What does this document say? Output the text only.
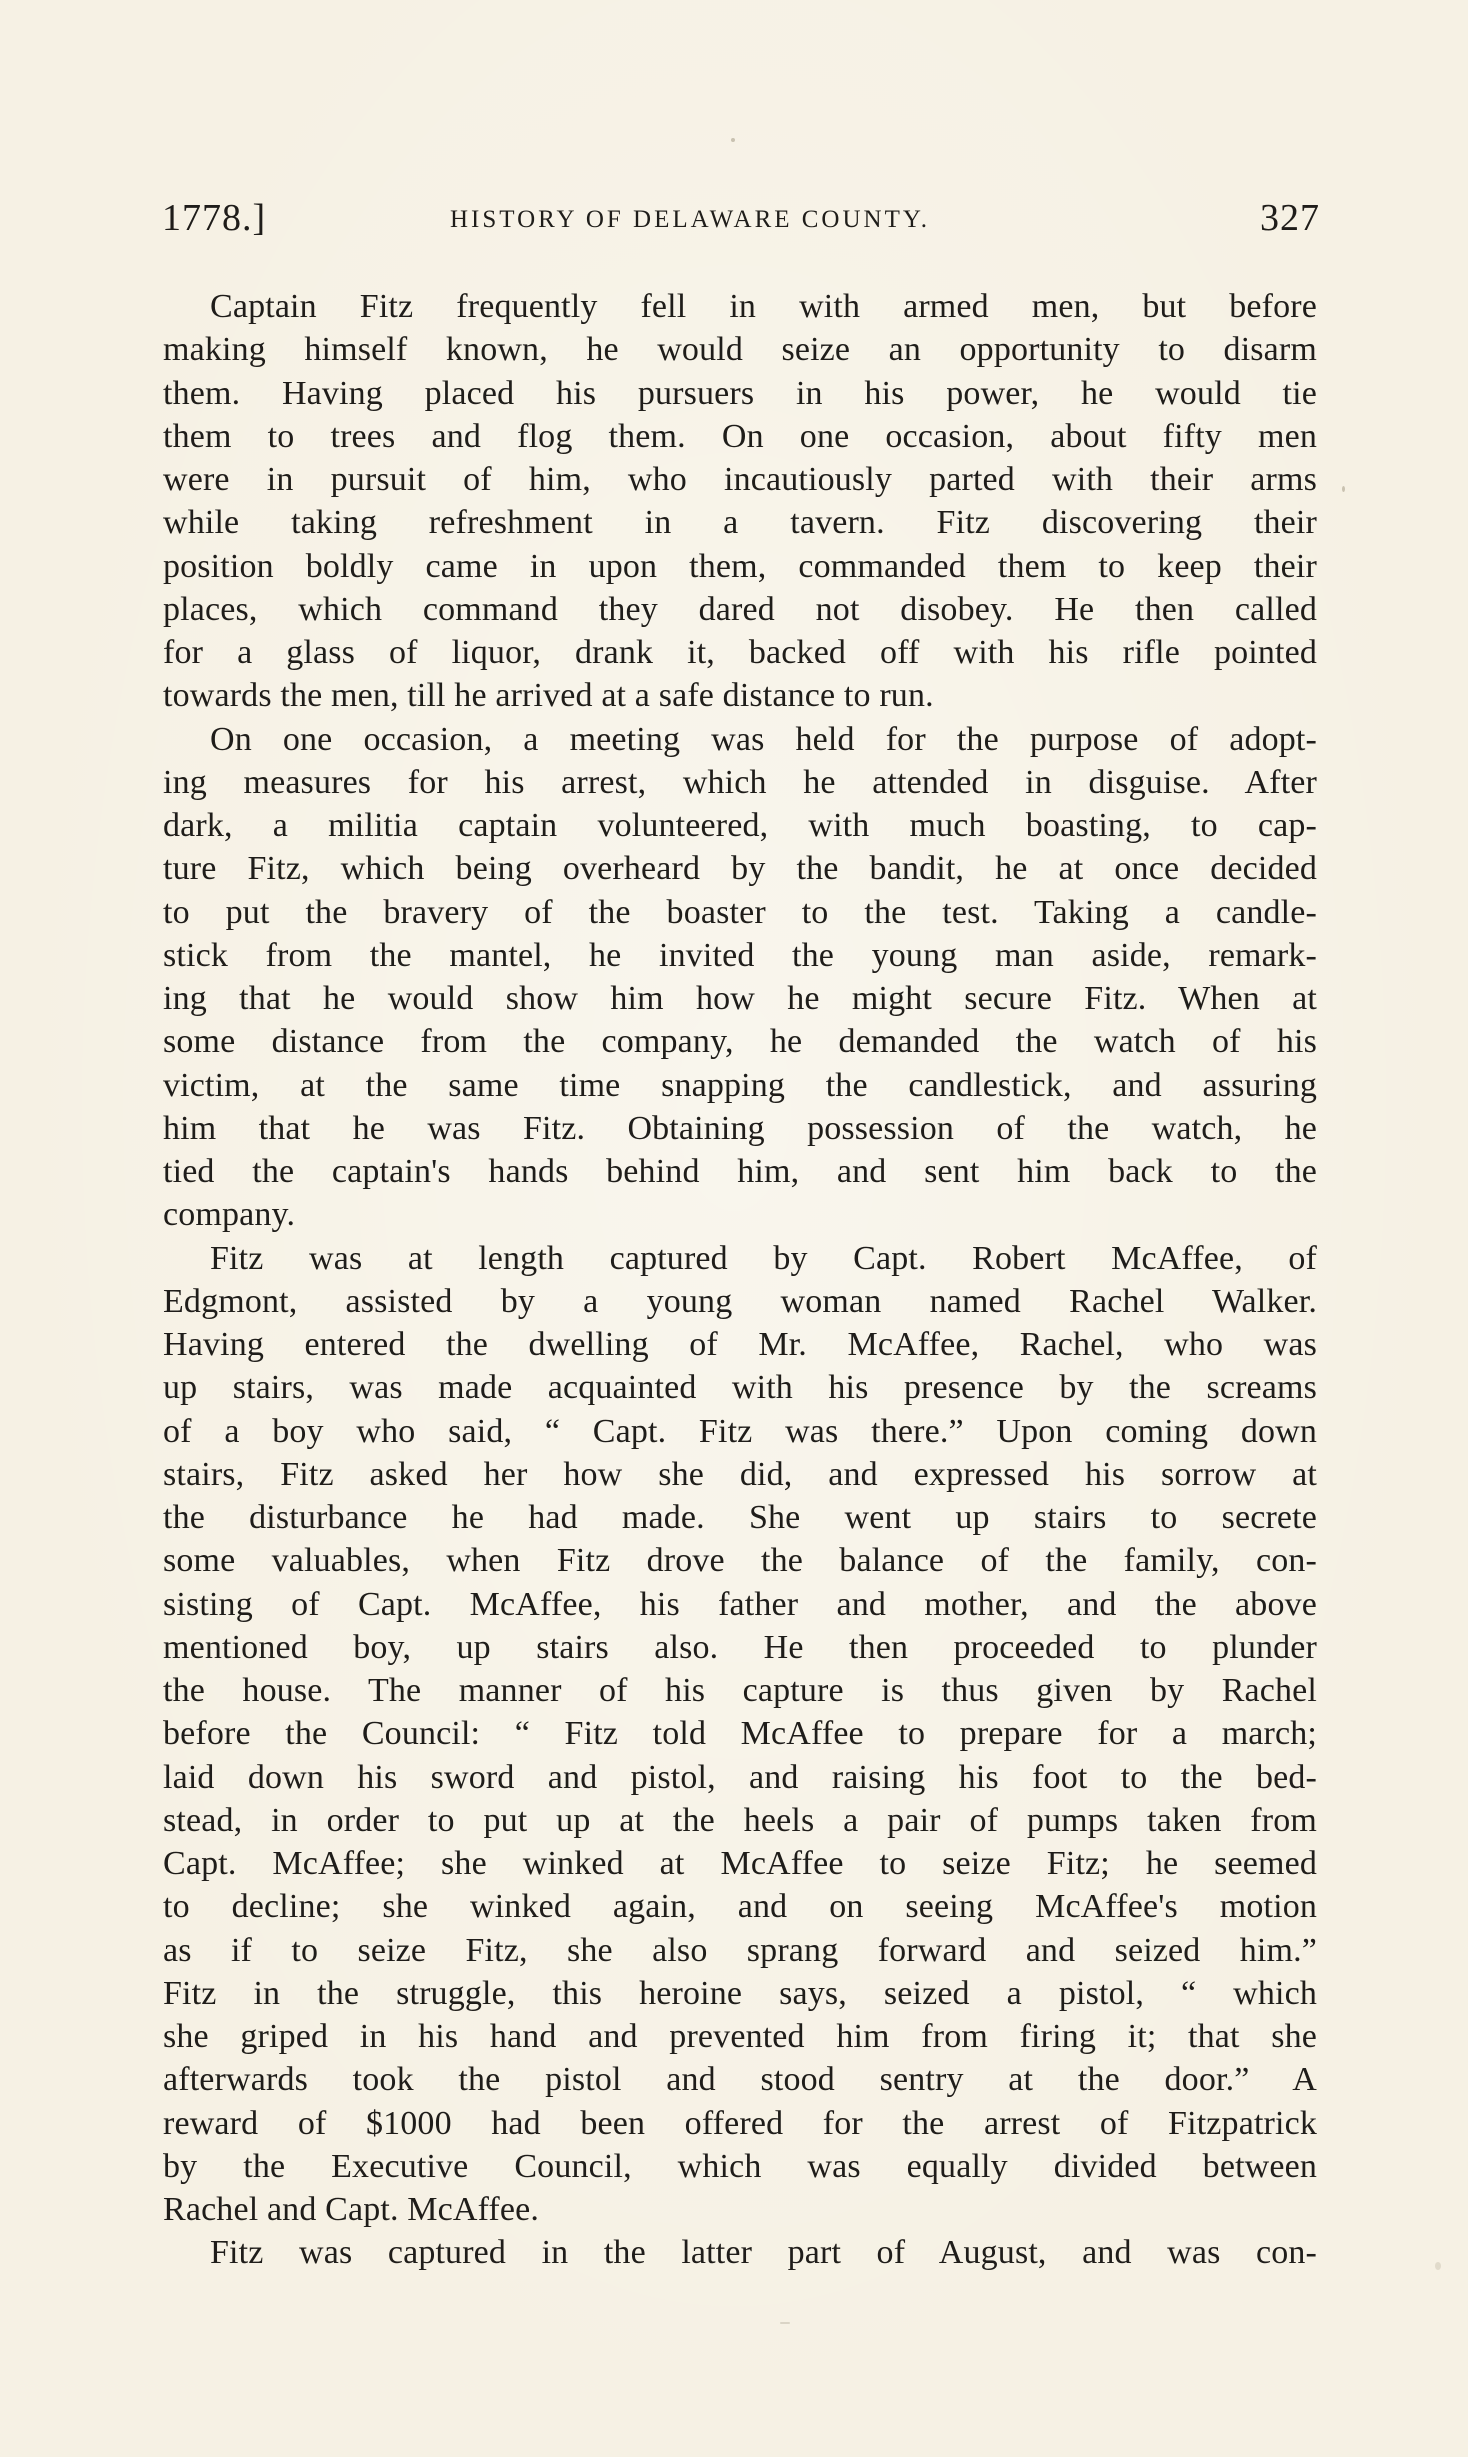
1778.]	HISTORY OF DELAWARE COUNTY.	327
Captain Fitz frequently fell in with armed men, but before
making himself known, he would seize an opportunity to disarm
them. Having placed his pursuers in his power, he would tie
them to trees and flog them. On one occasion, about fifty men
were in pursuit of him, who incautiously parted with their arms
while taking refreshment in a tavern. Fitz discovering their
position boldly came in upon them, commanded them to keep their
places, which command they dared not disobey. He then called
for a glass of liquor, drank it, backed off with his rifle pointed
towards the men, till he arrived at a safe distance to run.
On one occasion, a meeting was held for the purpose of adopt-
ing measures for his arrest, which he attended in disguise. After
dark, a militia captain volunteered, with much boasting, to cap-
ture Fitz, which being overheard by the bandit, he at once decided
to put the bravery of the boaster to the test. Taking a candle-
stick from the mantel, he invited the young man aside, remark-
ing that he would show him how he might secure Fitz. When at
some distance from the company, he demanded the watch of his
victim, at the same time snapping the candlestick, and assuring
him that he was Fitz. Obtaining possession of the watch, he
tied the captain's hands behind him, and sent him back to the
company.
Fitz was at length captured by Capt. Robert McAffee, of
Edgmont, assisted by a young woman named Rachel Walker.
Having entered the dwelling of Mr. McAffee, Rachel, who was
up stairs, was made acquainted with his presence by the screams
of a boy who said, “ Capt. Fitz was there.” Upon coming down
stairs, Fitz asked her how she did, and expressed his sorrow at
the disturbance he had made. She went up stairs to secrete
some valuables, when Fitz drove the balance of the family, con-
sisting of Capt. McAffee, his father and mother, and the above
mentioned boy, up stairs also. He then proceeded to plunder
the house. The manner of his capture is thus given by Rachel
before the Council: “ Fitz told McAffee to prepare for a march;
laid down his sword and pistol, and raising his foot to the bed-
stead, in order to put up at the heels a pair of pumps taken from
Capt. McAffee; she winked at McAffee to seize Fitz; he seemed
to decline; she winked again, and on seeing McAffee's motion
as if to seize Fitz, she also sprang forward and seized him.”
Fitz in the struggle, this heroine says, seized a pistol, “ which
she griped in his hand and prevented him from firing it; that she
afterwards took the pistol and stood sentry at the door.” A
reward of $1000 had been offered for the arrest of Fitzpatrick
by the Executive Council, which was equally divided between
Rachel and Capt. McAffee.
Fitz was captured in the latter part of August, and was con-
